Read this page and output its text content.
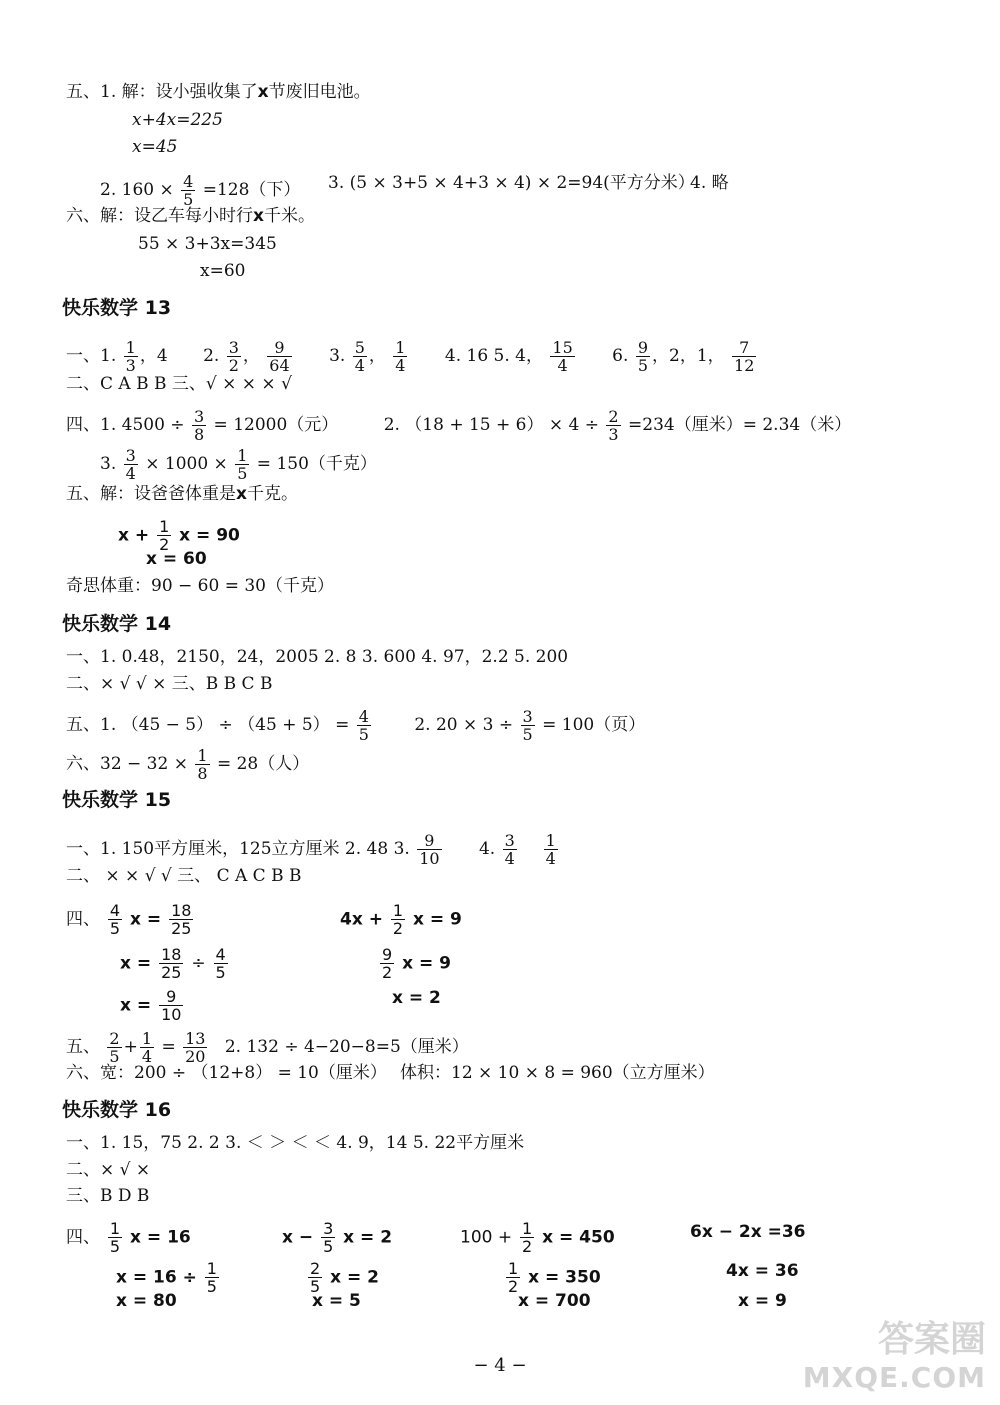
五、1. 解：设小强收集了x节废旧电池。
x+4x=225
x=45
2. $160 \times \frac{4}{5} =128$（下） 3. (5 × 3+5 × 4+3 × 4) × 2=94(平方分米）
4. 略
六、解：设乙车每小时行x千米。
55 × 3+3x=345
x=60
快乐数学 13
一、1. $\frac{1}{3}$ ，4 2. $\frac{3}{2}$ ， $\frac{9}{64} 3$. $\frac{5}{4}$ ， $\frac{1}{4} 4$. 16 5. 4， $\frac{15}{4} 6$. $\frac{9}{5}$ ，2，1， $\frac{7}{12}$
二、C A B B 三、√ × × × √
四、1. $4500 \div \frac{3}{8} = 12000$（元）	2. $(18 + 15 + 6) \times 4 \div \frac{2}{3} =234$（厘米）= 2.34（米）
3. $\frac{3}{4} \times 1000 \times \frac{1}{5} = 150$（千克）
五、解：设爸爸体重是x千克。
$x + \frac{1}{2}$ x = 90
x = 60
奇思体重：90 − 60 = 30（千克）
快乐数学 14
一、1. 0.48，2150，24，2005 2. 8 3. 600 4. 97，2.2 5. 200
二、× √ √ × 三、B B C B
五、1. $(45 - 5) \div (45 + 5) = \frac{4}{5}$	2. $20 \times 3 \div \frac{3}{5} = 100$（页）
六、$32 - 32 \times \frac{1}{8} = 28$（人）
快乐数学 15
一、1. 150平方厘米，125立方厘米 2. 48 3. $\frac{9}{10} 4$. $\frac{3}{4}$
$\frac{1}{4}$
二、 × × √ √ 三、 C A C B B
四、 $\frac{4}{5}$ $x = \frac{18}{25}$	$4x + \frac{1}{2}$ x = 9
$x = \frac{18}{25} \div \frac{4}{5}$	$\frac{9}{2}$ x = 9
$x = \frac{9}{10}$	x = 2
五、 $\frac{2}{5} + \frac{1}{4} = \frac{13}{20} 2$. 132 ÷ 4−20−8=5（厘米）
六、宽：200 ÷ （12+8） = 10（厘米） 体积：12 × 10 × 8 = 960（立方厘米）
快乐数学 16
一、1. 15，75 2. 2 3. ＜ ＞ ＜ ＜ 4. 9，14 5. 22平方厘米
二、× √ ×
三、B D B
四、 $\frac{1}{5}$ x = 16
$x = 16 \div \frac{1}{5}$
x = 80
$x - \frac{3}{5}$ x = 2
$\frac{2}{5}$ x = 2
x = 5
$100 + \frac{1}{2}$ x = 450
$\frac{1}{2}$ x = 350
x = 700
6x − 2x =36
4x = 36
x = 9
− 4 −
答案圈
MXQE.COM
